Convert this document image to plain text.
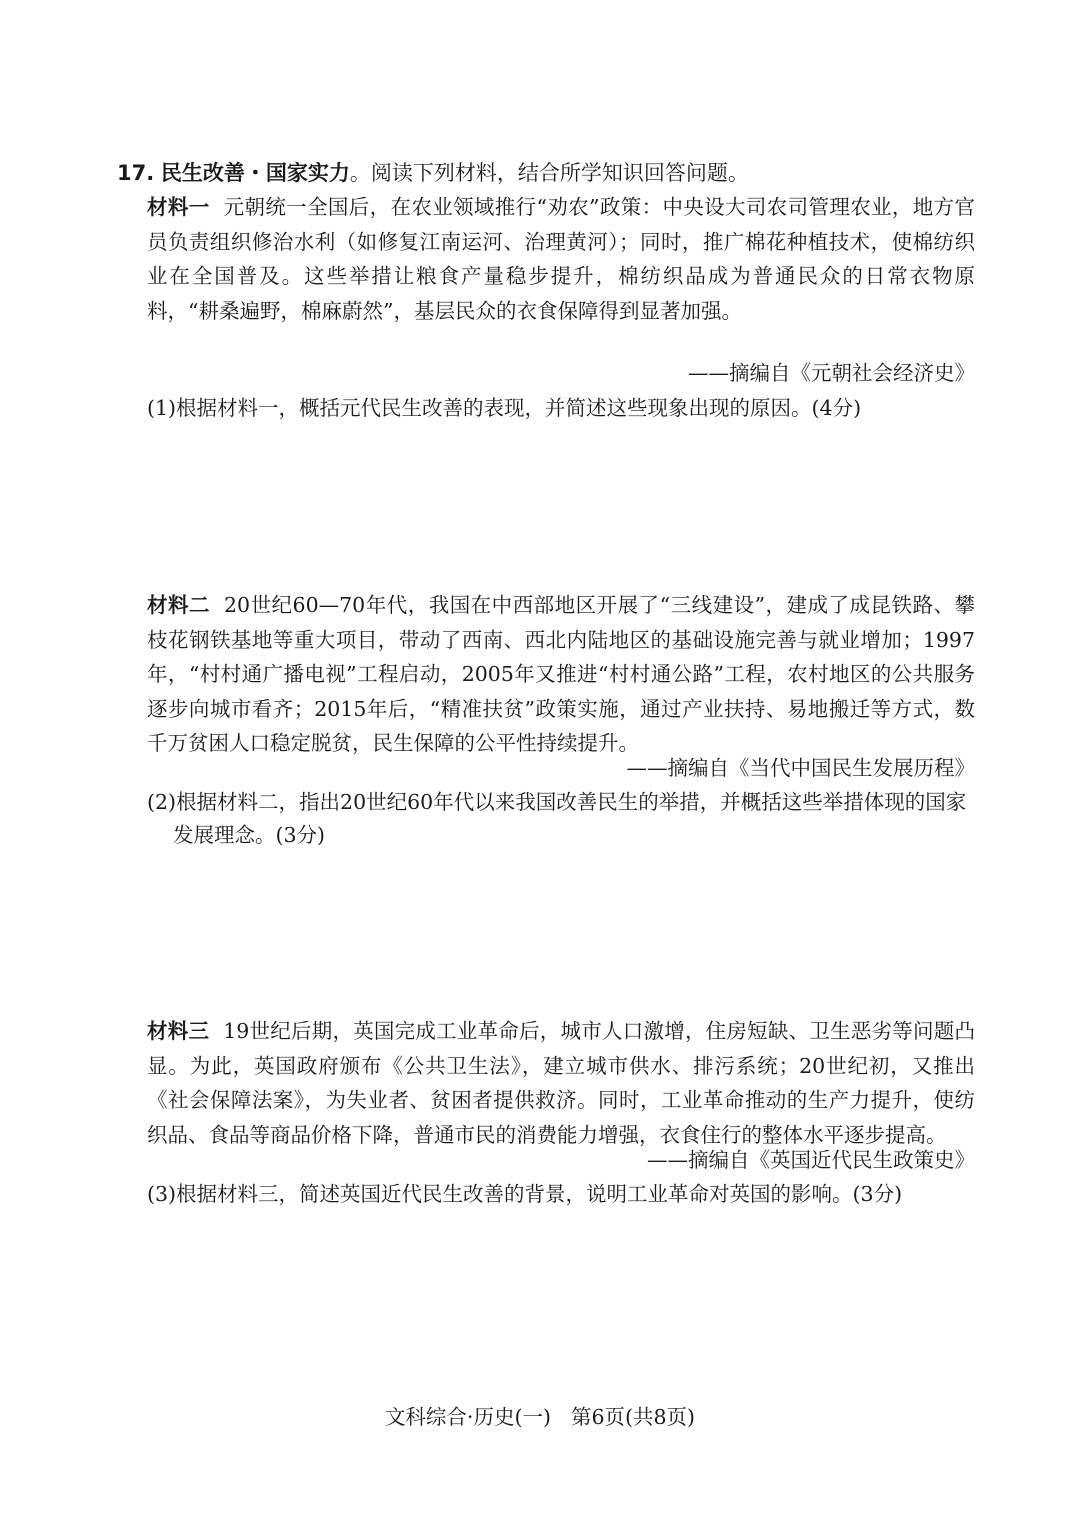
17. 民生改善・国家实力。阅读下列材料，结合所学知识回答问题。
材料一 元朝统一全国后，在农业领域推行“劝农”政策：中央设大司农司管理农业，地方官员负责组织修治水利（如修复江南运河、治理黄河）；同时，推广棉花种植技术，使棉纺织业在全国普及。这些举措让粮食产量稳步提升，棉纺织品成为普通民众的日常衣物原料，“耕桑遍野，棉麻蔚然”，基层民众的衣食保障得到显著加强。
——摘编自《元朝社会经济史》
(1)根据材料一，概括元代民生改善的表现，并简述这些现象出现的原因。(4分)
材料二 20世纪60—70年代，我国在中西部地区开展了“三线建设”，建成了成昆铁路、攀枝花钢铁基地等重大项目，带动了西南、西北内陆地区的基础设施完善与就业增加；1997年，“村村通广播电视”工程启动，2005年又推进“村村通公路”工程，农村地区的公共服务逐步向城市看齐；2015年后，“精准扶贫”政策实施，通过产业扶持、易地搬迁等方式，数千万贫困人口稳定脱贫，民生保障的公平性持续提升。
——摘编自《当代中国民生发展历程》
(2)根据材料二，指出20世纪60年代以来我国改善民生的举措，并概括这些举措体现的国家发展理念。(3分)
材料三 19世纪后期，英国完成工业革命后，城市人口激增，住房短缺、卫生恶劣等问题凸显。为此，英国政府颁布《公共卫生法》，建立城市供水、排污系统；20世纪初，又推出《社会保障法案》，为失业者、贫困者提供救济。同时，工业革命推动的生产力提升，使纺织品、食品等商品价格下降，普通市民的消费能力增强，衣食住行的整体水平逐步提高。
——摘编自《英国近代民生政策史》
(3)根据材料三，简述英国近代民生改善的背景，说明工业革命对英国的影响。(3分)
文科综合·历史(一) 第6页(共8页)
